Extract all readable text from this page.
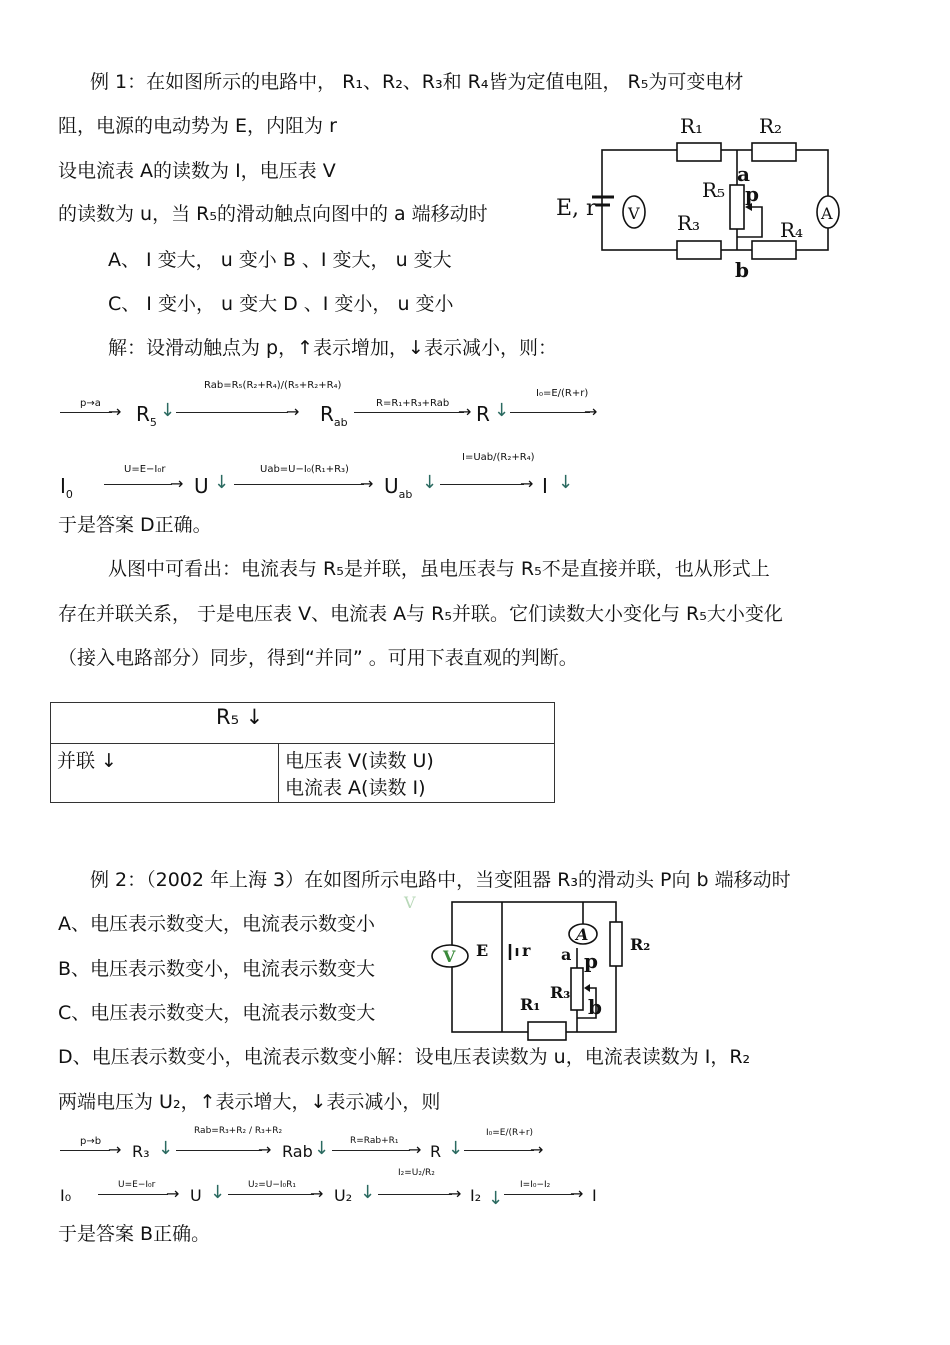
例 1：在如图所示的电路中， R₁、R₂、R₃和 R₄皆为定值电阻， R₅为可变电材
阻，电源的电动势为 E，内阻为 r
设电流表 A的读数为 I，电压表 V
的读数为 u，当 R₅的滑动触点向图中的 a 端移动时
A、 I 变大， u 变小 B 、I 变大， u 变大
C、 I 变小， u 变大 D 、I 变小， u 变小
解：设滑动触点为 p，↑表示增加，↓表示减小，则：
R₁	R₂
R₃	R₄
R₅
E, r V	A
a
p
b
$p\to a \to R_5$
↓
Rab=R₅(R₂+R₄)/(R₅+R₂+R₄)
→ $R_{ab}$
R=R₁+R₃+Rab → R ↓
I₀=E/(R+r)
→
$I_0$
U=E−I₀r
→ U ↓
Uab=U−I₀(R₁+R₃)
→ $U_{ab}$
↓
I=Uab/(R₂+R₄)
→ I ↓
于是答案 D正确。
从图中可看出：电流表与 R₅是并联，虽电压表与 R₅不是直接并联，也从形式上
存在并联关系， 于是电压表 V、电流表 A与 R₅并联。它们读数大小变化与 R₅大小变化
（接入电路部分）同步，得到“并同” 。可用下表直观的判断。
R₅ ↓
并联 ↓	电压表 V(读数 U)
电流表 A(读数 I)
例 2：（2002 年上海 3）在如图所示电路中，当变阻器 R₃的滑动头 P向 b 端移动时
A、电压表示数变大，电流表示数变小
B、电压表示数变小，电流表示数变大
C、电压表示数变大，电流表示数变大
D、电压表示数变小，电流表示数变小解：设电压表读数为 u，电流表读数为 I，R₂
两端电压为 U₂，↑表示增大，↓表示减小，则
V E r
A
R₂
R₃
R₁
a p
b
V
p→b → R₃ ↓
Rab=R₃+R₂ / R₃+R₂
→ Rab ↓ R=Rab+R₁ → R ↓
I₀=E/(R+r)
→
I₀
U=E−I₀r → U ↓	U₂=U−I₀R₁ → U₂ ↓
I₂=U₂/R₂
→ I₂ ↓
I=I₀−I₂ → I
于是答案 B正确。
